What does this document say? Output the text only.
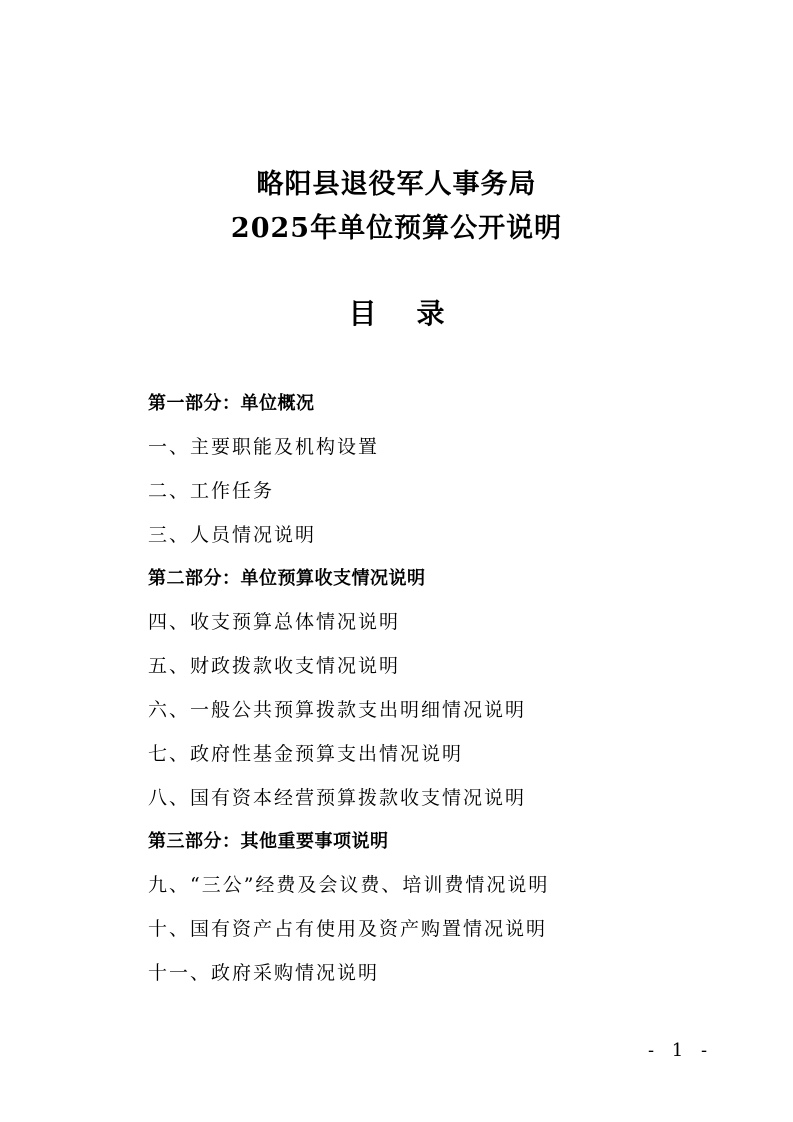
略阳县退役军人事务局
2025年单位预算公开说明
目 录
第一部分：单位概况
一、主要职能及机构设置
二、工作任务
三、人员情况说明
第二部分：单位预算收支情况说明
四、收支预算总体情况说明
五、财政拨款收支情况说明
六、一般公共预算拨款支出明细情况说明
七、政府性基金预算支出情况说明
八、国有资本经营预算拨款收支情况说明
第三部分：其他重要事项说明
九、“三公”经费及会议费、培训费情况说明
十、国有资产占有使用及资产购置情况说明
十一、政府采购情况说明
- 1 -
